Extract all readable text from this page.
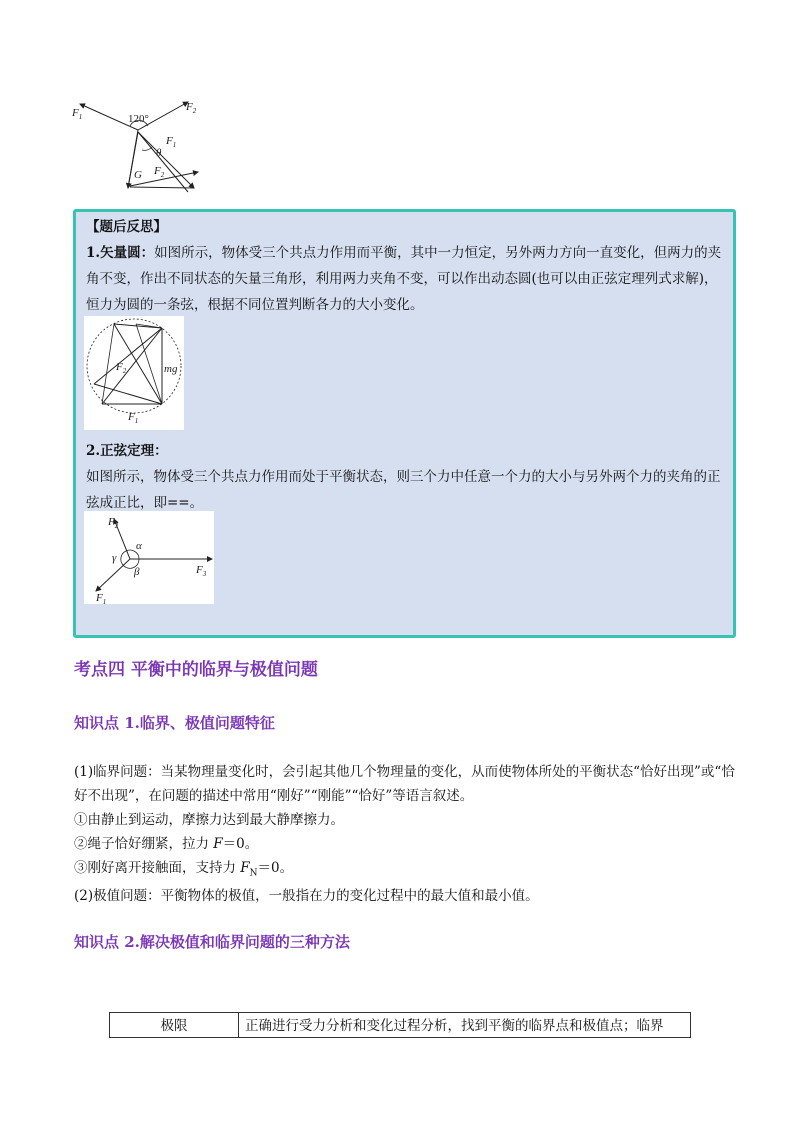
$F_1$
$F_2$
120°
$F_1$
θ
$F_2$
G
【题后反思】
1.矢量圆：如图所示，物体受三个共点力作用而平衡，其中一力恒定，另外两力方向一直变化，但两力的夹角不变，作出不同状态的矢量三角形，利用两力夹角不变，可以作出动态圆(也可以由正弦定理列式求解)，恒力为圆的一条弦，根据不同位置判断各力的大小变化。
$F_2$	mg
$F_1$
2.正弦定理：
如图所示，物体受三个共点力作用而处于平衡状态，则三个力中任意一个力的大小与另外两个力的夹角的正弦成正比，即==。
$F_2$
α
γ
β	$F_3$
$F_1$
考点四 平衡中的临界与极值问题
知识点 1.临界、极值问题特征
(1)临界问题：当某物理量变化时，会引起其他几个物理量的变化，从而使物体所处的平衡状态“恰好出现”或“恰好不出现”，在问题的描述中常用“刚好”“刚能”“恰好”等语言叙述。
①由静止到运动，摩擦力达到最大静摩擦力。
②绳子恰好绷紧，拉力 F＝0。
③刚好离开接触面，支持力 $F_N=0$。
(2)极值问题：平衡物体的极值，一般指在力的变化过程中的最大值和最小值。
知识点 2.解决极值和临界问题的三种方法
极限	正确进行受力分析和变化过程分析，找到平衡的临界点和极值点；临界
